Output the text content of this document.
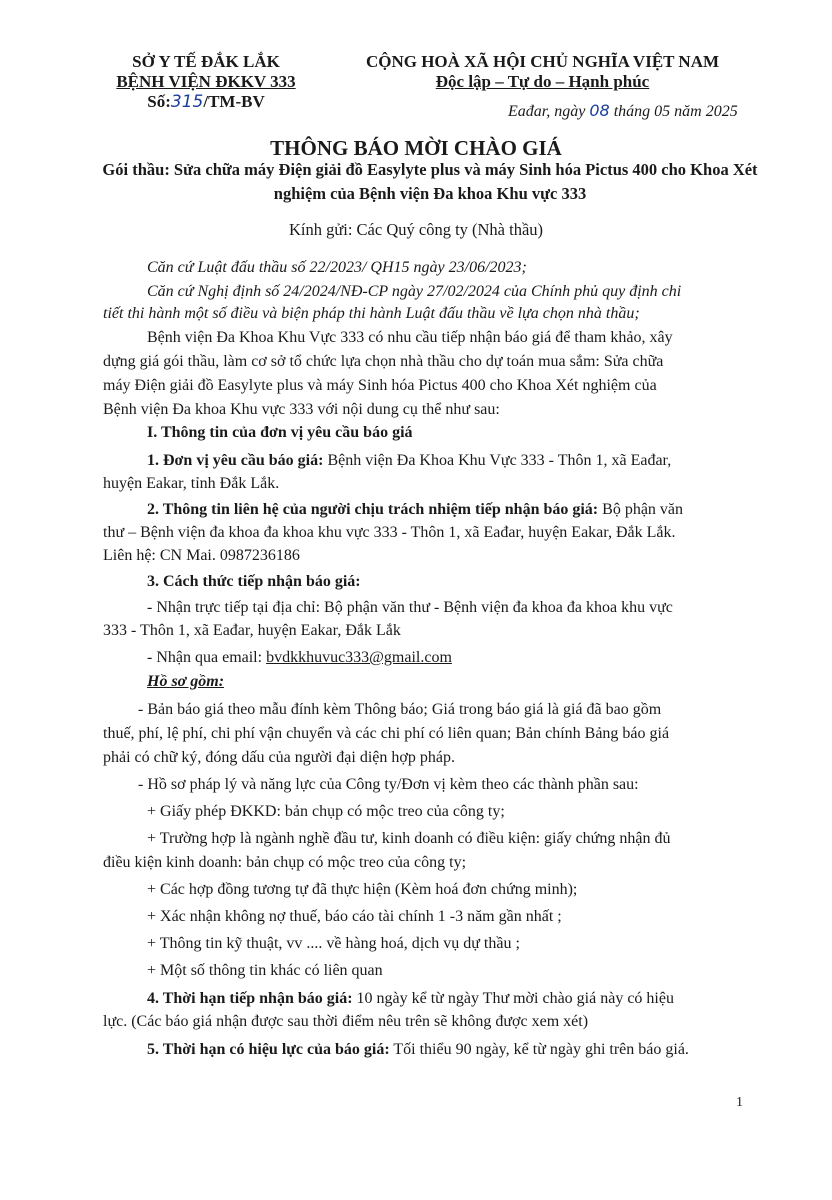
SỞ Y TẾ ĐẮK LẮK
BỆNH VIỆN ĐKKV 333
Số:315/TM-BV
CỘNG HOÀ XÃ HỘI CHỦ NGHĨA VIỆT NAM
Độc lập – Tự do – Hạnh phúc
Eađar, ngày 08 tháng 05 năm 2025
THÔNG BÁO MỜI CHÀO GIÁ
Gói thầu: Sửa chữa máy Điện giải đồ Easylyte plus và máy Sinh hóa Pictus 400 cho Khoa Xét nghiệm của Bệnh viện Đa khoa Khu vực 333
Kính gửi: Các Quý công ty (Nhà thầu)
Căn cứ Luật đấu thầu số 22/2023/ QH15 ngày 23/06/2023;
Căn cứ Nghị định số 24/2024/NĐ-CP ngày 27/02/2024 của Chính phủ quy định chi
tiết thi hành một số điều và biện pháp thi hành Luật đấu thầu về lựa chọn nhà thầu;
Bệnh viện Đa Khoa Khu Vực 333 có nhu cầu tiếp nhận báo giá để tham khảo, xây
dựng giá gói thầu, làm cơ sở tổ chức lựa chọn nhà thầu cho dự toán mua sắm: Sửa chữa
máy Điện giải đồ Easylyte plus và máy Sinh hóa Pictus 400 cho Khoa Xét nghiệm của
Bệnh viện Đa khoa Khu vực 333 với nội dung cụ thể như sau:
I. Thông tin của đơn vị yêu cầu báo giá
1. Đơn vị yêu cầu báo giá: Bệnh viện Đa Khoa Khu Vực 333 - Thôn 1, xã Eađar,
huyện Eakar, tỉnh Đắk Lắk.
2. Thông tin liên hệ của người chịu trách nhiệm tiếp nhận báo giá: Bộ phận văn
thư – Bệnh viện đa khoa đa khoa khu vực 333 - Thôn 1, xã Eađar, huyện Eakar, Đắk Lắk.
Liên hệ: CN Mai. 0987236186
3. Cách thức tiếp nhận báo giá:
- Nhận trực tiếp tại địa chỉ: Bộ phận văn thư - Bệnh viện đa khoa đa khoa khu vực
333 - Thôn 1, xã Eađar, huyện Eakar, Đắk Lắk
- Nhận qua email: bvdkkhuvuc333@gmail.com
Hồ sơ gồm:
- Bản báo giá theo mẫu đính kèm Thông báo; Giá trong báo giá là giá đã bao gồm
thuế, phí, lệ phí, chi phí vận chuyển và các chi phí có liên quan; Bản chính Bảng báo giá
phải có chữ ký, đóng dấu của người đại diện hợp pháp.
- Hồ sơ pháp lý và năng lực của Công ty/Đơn vị kèm theo các thành phần sau:
+ Giấy phép ĐKKD: bản chụp có mộc treo của công ty;
+ Trường hợp là ngành nghề đầu tư, kinh doanh có điều kiện: giấy chứng nhận đủ
điều kiện kinh doanh: bản chụp có mộc treo của công ty;
+ Các hợp đồng tương tự đã thực hiện (Kèm hoá đơn chứng minh);
+ Xác nhận không nợ thuế, báo cáo tài chính 1 -3 năm gần nhất ;
+ Thông tin kỹ thuật, vv .... về hàng hoá, dịch vụ dự thầu ;
+ Một số thông tin khác có liên quan
4. Thời hạn tiếp nhận báo giá: 10 ngày kể từ ngày Thư mời chào giá này có hiệu
lực. (Các báo giá nhận được sau thời điểm nêu trên sẽ không được xem xét)
5. Thời hạn có hiệu lực của báo giá: Tối thiểu 90 ngày, kể từ ngày ghi trên báo giá.
1
